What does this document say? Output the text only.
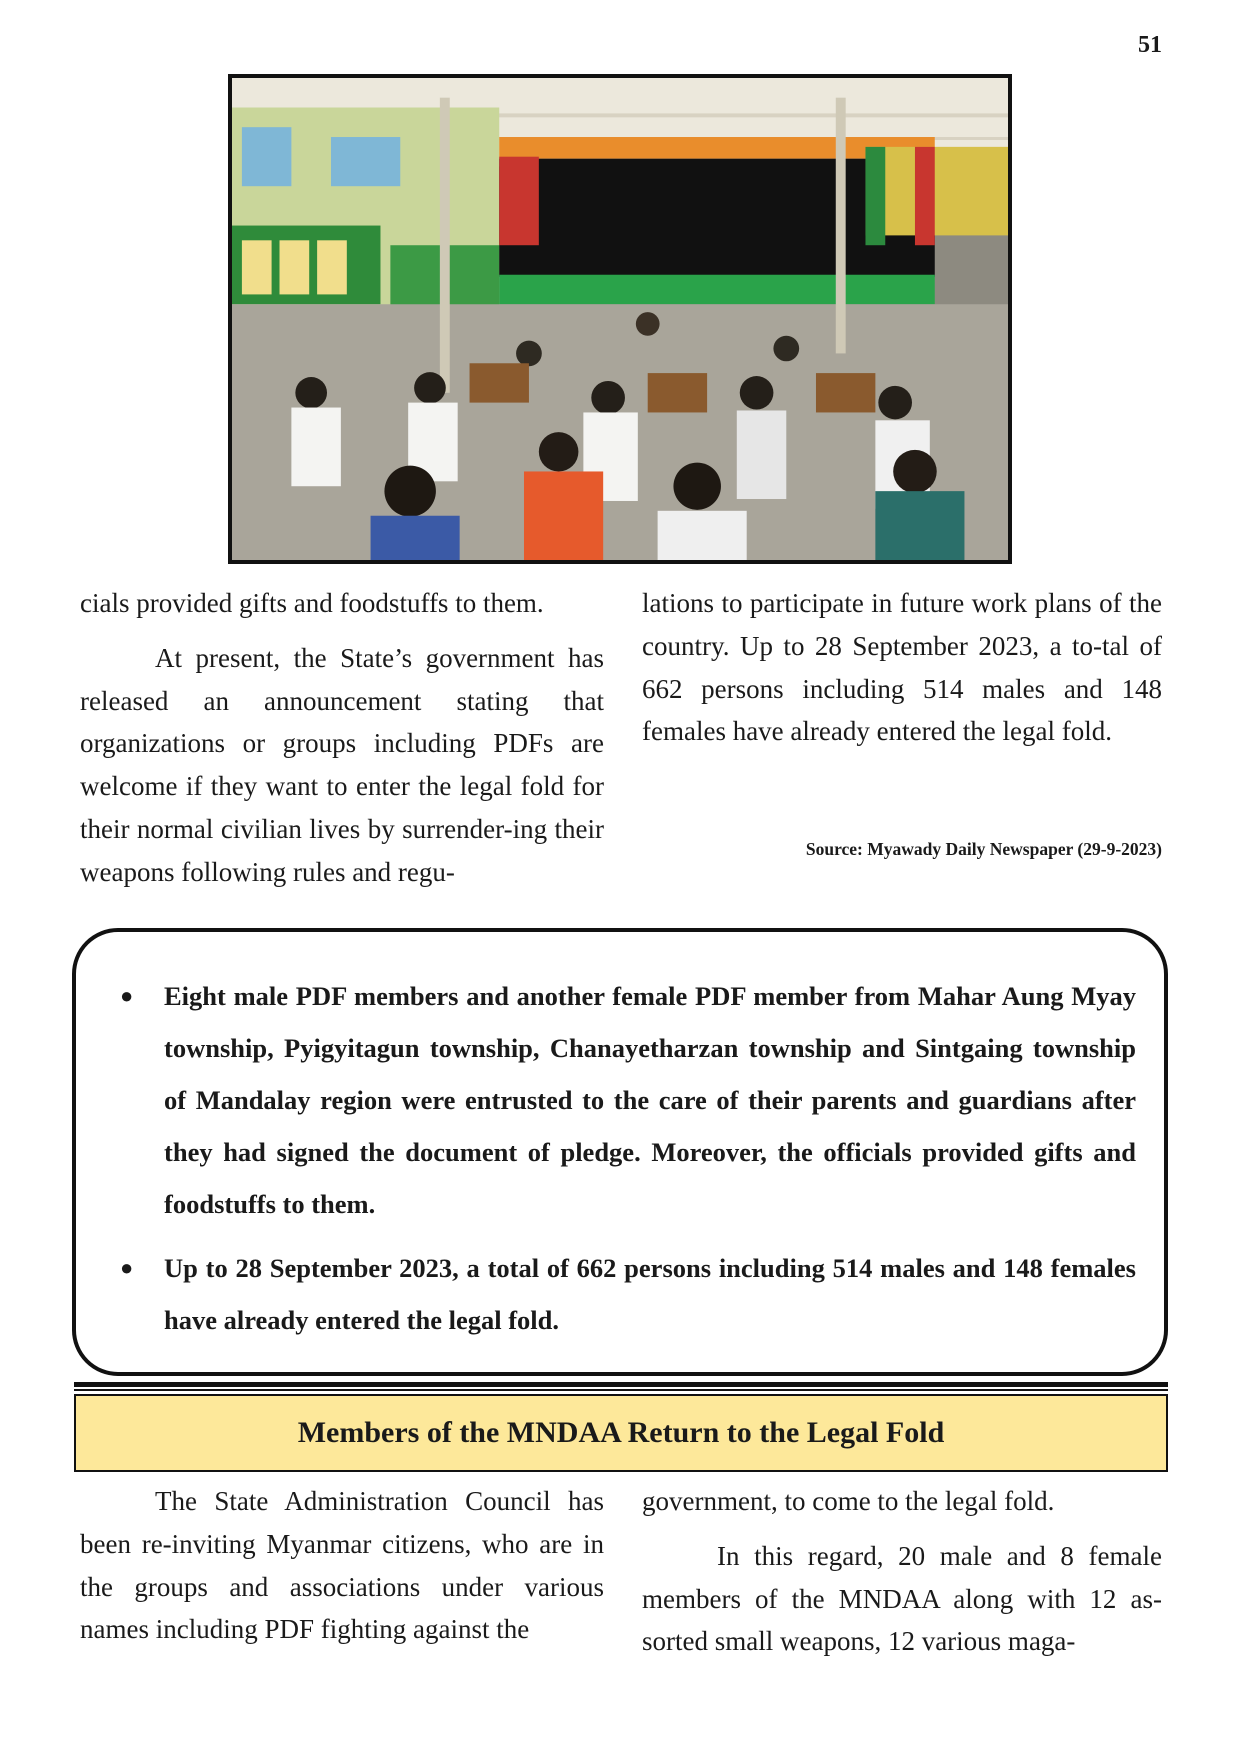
51

cials provided gifts and foodstuffs to them.

At present, the State’s government has released an announcement stating that organizations or groups including PDFs are welcome if they want to enter the legal fold for their normal civilian lives by surrender-ing their weapons following rules and regu-

lations to participate in future work plans of the country. Up to 28 September 2023, a to-tal of 662 persons including 514 males and 148 females have already entered the legal fold.

Source: Myawady Daily Newspaper (29-9-2023)
● Eight male PDF members and another female PDF member from Mahar Aung Myay township, Pyigyitagun township, Chanayetharzan township and Sintgaing township of Mandalay region were entrusted to the care of their parents and guardians after they had signed the document of pledge. Moreover, the officials provided gifts and foodstuffs to them.
● Up to 28 September 2023, a total of 662 persons including 514 males and 148 females have already entered the legal fold.
Members of the MNDAA Return to the Legal Fold

The State Administration Council has been re-inviting Myanmar citizens, who are in the groups and associations under various names including PDF fighting against the

government, to come to the legal fold.

In this regard, 20 male and 8 female members of the MNDAA along with 12 as-sorted small weapons, 12 various maga-
